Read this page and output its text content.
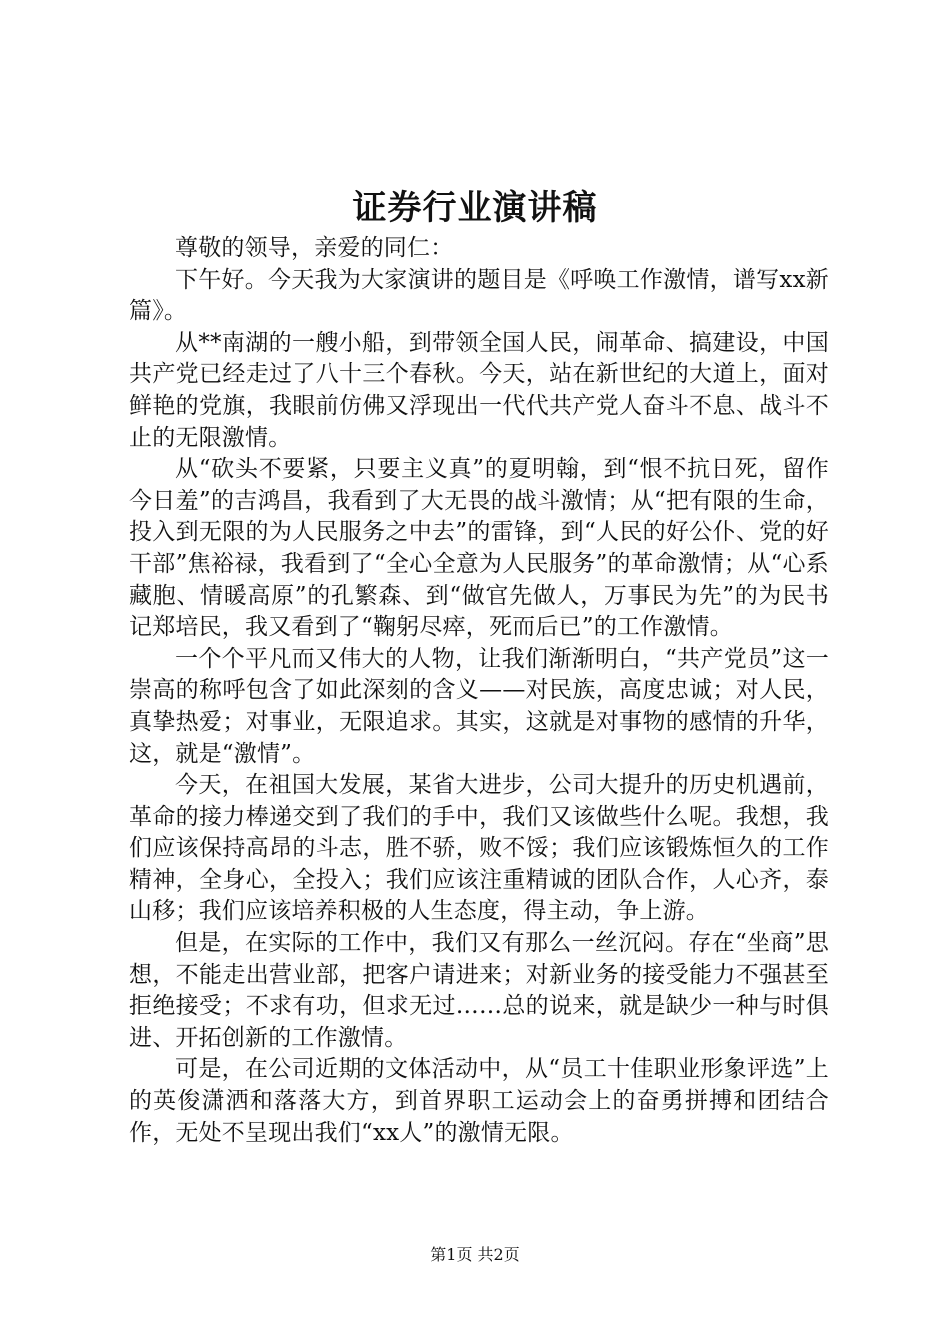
证券行业演讲稿

尊敬的领导，亲爱的同仁：

下午好。今天我为大家演讲的题目是《呼唤工作激情，谱写xx新篇》。

从**南湖的一艘小船，到带领全国人民，闹革命、搞建设，中国共产党已经走过了八十三个春秋。今天，站在新世纪的大道上，面对鲜艳的党旗，我眼前仿佛又浮现出一代代共产党人奋斗不息、战斗不止的无限激情。

从“砍头不要紧，只要主义真”的夏明翰，到“恨不抗日死，留作今日羞”的吉鸿昌，我看到了大无畏的战斗激情；从“把有限的生命，投入到无限的为人民服务之中去”的雷锋，到“人民的好公仆、党的好干部”焦裕禄，我看到了“全心全意为人民服务”的革命激情；从“心系藏胞、情暖高原”的孔繁森、到“做官先做人，万事民为先”的为民书记郑培民，我又看到了“鞠躬尽瘁，死而后已”的工作激情。

一个个平凡而又伟大的人物，让我们渐渐明白，“共产党员”这一崇高的称呼包含了如此深刻的含义——对民族，高度忠诚；对人民，真挚热爱；对事业，无限追求。其实，这就是对事物的感情的升华，这，就是“激情”。

今天，在祖国大发展，某省大进步，公司大提升的历史机遇前，革命的接力棒递交到了我们的手中，我们又该做些什么呢。我想，我们应该保持高昂的斗志，胜不骄，败不馁；我们应该锻炼恒久的工作精神，全身心，全投入；我们应该注重精诚的团队合作，人心齐，泰山移；我们应该培养积极的人生态度，得主动，争上游。

但是，在实际的工作中，我们又有那么一丝沉闷。存在“坐商”思想，不能走出营业部，把客户请进来；对新业务的接受能力不强甚至拒绝接受；不求有功，但求无过……总的说来，就是缺少一种与时俱进、开拓创新的工作激情。

可是，在公司近期的文体活动中，从“员工十佳职业形象评选”上的英俊潇洒和落落大方，到首界职工运动会上的奋勇拼搏和团结合作，无处不呈现出我们“xx人”的激情无限。

第1页 共2页
